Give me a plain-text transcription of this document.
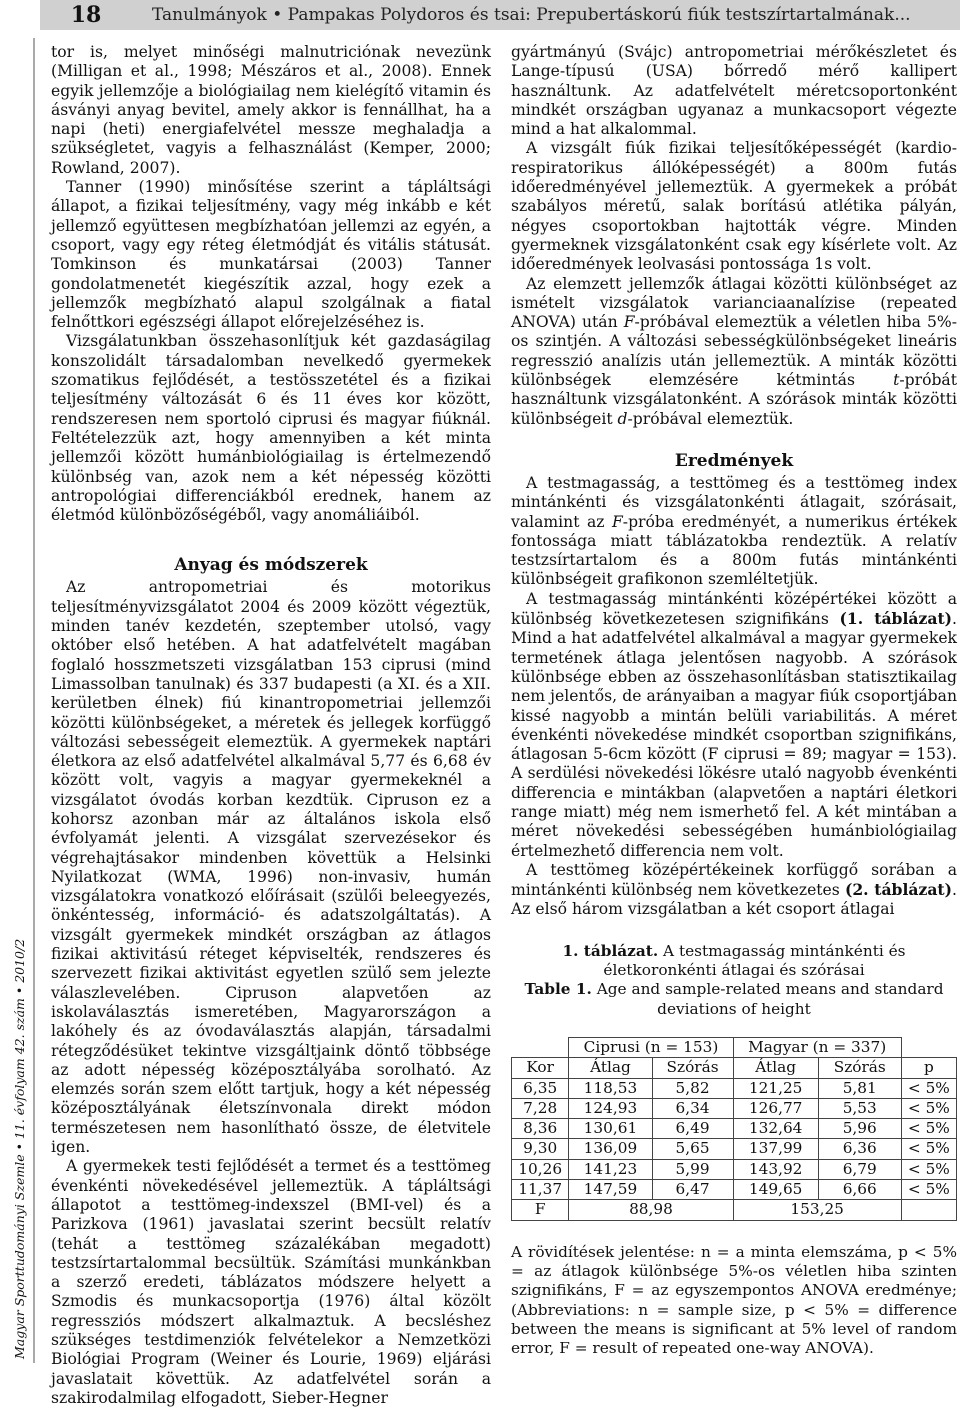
18	Tanulmányok • Pampakas Polydoros és tsai: Prepubertáskorú fiúk testszírtartalmának...
Magyar Sporttudományi Szemle • 11. évfolyam 42. szám • 2010/2

tor is, melyet minőségi malnutriciónak nevezünk (Milligan et al., 1998; Mészáros et al., 2008). Ennek egyik jellemzője a biológiailag nem kielégítő vitamin és ásványi anyag bevitel, amely akkor is fennállhat, ha a napi (heti) energiafelvétel messze meghaladja a szükségletet, vagyis a felhasználást (Kemper, 2000; Rowland, 2007).

Tanner (1990) minősítése szerint a tápláltsági állapot, a fizikai teljesítmény, vagy még inkább e két jellemző együttesen megbízhatóan jellemzi az egyén, a csoport, vagy egy réteg életmódját és vitális státusát. Tomkinson és munkatársai (2003) Tanner gondolatmenetét kiegészítik azzal, hogy ezek a jellemzők megbízható alapul szolgálnak a fiatal felnőttkori egészségi állapot előrejelzéséhez is.

Vizsgálatunkban összehasonlítjuk két gazdaságilag konszolidált társadalomban nevelkedő gyermekek szomatikus fejlődését, a testösszetétel és a fizikai teljesítmény változását 6 és 11 éves kor között, rendszeresen nem sportoló ciprusi és magyar fiúknál. Feltételezzük azt, hogy amennyiben a két minta jellemzői között humánbiológiailag is értelmezendő különbség van, azok nem a két népesség közötti antropológiai differenciákból erednek, hanem az életmód különbözőségéből, vagy anomáliáiból.

Anyag és módszerek

Az antropometriai és motorikus teljesítményvizsgálatot 2004 és 2009 között végeztük, minden tanév kezdetén, szeptember utolsó, vagy október első hetében. A hat adatfelvételt magában foglaló hosszmetszeti vizsgálatban 153 ciprusi (mind Limassolban tanulnak) és 337 budapesti (a XI. és a XII. kerületben élnek) fiú kinantropometriai jellemzői közötti különbségeket, a méretek és jellegek korfüggő változási sebességeit elemeztük. A gyermekek naptári életkora az első adatfelvétel alkalmával 5,77 és 6,68 év között volt, vagyis a magyar gyermekeknél a vizsgálatot óvodás korban kezdtük. Cipruson ez a kohorsz azonban már az általános iskola első évfolyamát jelenti. A vizsgálat szervezésekor és végrehajtásakor mindenben követtük a Helsinki Nyilatkozat (WMA, 1996) non-invasiv, humán vizsgálatokra vonatkozó előírásait (szülői beleegyezés, önkéntesség, információ- és adatszolgáltatás). A vizsgált gyermekek mindkét országban az átlagos fizikai aktivitású réteget képviselték, rendszeres és szervezett fizikai aktivitást egyetlen szülő sem jelezte válaszlevelében. Cipruson alapvetően az iskolaválasztás ismeretében, Magyarországon a lakóhely és az óvodaválasztás alapján, társadalmi rétegződésüket tekintve vizsgáltjaink döntő többsége az adott népesség középosztályába sorolható. Az elemzés során szem előtt tartjuk, hogy a két népesség középosztályának életszínvonala direkt módon természetesen nem hasonlítható össze, de életvitele igen.

A gyermekek testi fejlődését a termet és a testtömeg évenkénti növekedésével jellemeztük. A tápláltsági állapotot a testtömeg-indexszel (BMI-vel) és a Parizkova (1961) javaslatai szerint becsült relatív (tehát a testtömeg százalékában megadott) testzsírtartalommal becsültük. Számítási munkánkban a szerző eredeti, táblázatos módszere helyett a Szmodis és munkacsoportja (1976) által közölt regressziós módszert alkalmaztuk. A becsléshez szükséges testdimenziók felvételekor a Nemzetközi Biológiai Program (Weiner és Lourie, 1969) eljárási javaslatait követtük. Az adatfelvétel során a szakirodalmilag elfogadott, Sieber-Hegner

gyártmányú (Svájc) antropometriai mérőkészletet és Lange-típusú (USA) bőrredő mérő kallipert használtunk. Az adatfelvételt méretcsoportonként mindkét országban ugyanaz a munkacsoport végezte mind a hat alkalommal.

A vizsgált fiúk fizikai teljesítőképességét (kardio-respiratorikus állóképességét) a 800m futás időeredményével jellemeztük. A gyermekek a próbát szabályos méretű, salak borítású atlétika pályán, négyes csoportokban hajtották végre. Minden gyermeknek vizsgálatonként csak egy kísérlete volt. Az időeredmények leolvasási pontossága 1s volt.

Az elemzett jellemzők átlagai közötti különbséget az ismételt vizsgálatok varianciaanalízise (repeated ANOVA) után F-próbával elemeztük a véletlen hiba 5%-os szintjén. A változási sebességkülönbségeket lineáris regresszió analízis után jellemeztük. A minták közötti különbségek elemzésére kétmintás t-próbát használtunk vizsgálatonként. A szórások minták közötti különbségeit d-próbával elemeztük.

Eredmények

A testmagasság, a testtömeg és a testtömeg index mintánkénti és vizsgálatonkénti átlagait, szórásait, valamint az F-próba eredményét, a numerikus értékek fontossága miatt táblázatokba rendeztük. A relatív testzsírtartalom és a 800m futás mintánkénti különbségeit grafikonon szemléltetjük.

A testmagasság mintánkénti középértékei között a különbség következetesen szignifikáns (1. táblázat). Mind a hat adatfelvétel alkalmával a magyar gyermekek termetének átlaga jelentősen nagyobb. A szórások különbsége ebben az összehasonlításban statisztikailag nem jelentős, de arányaiban a magyar fiúk csoportjában kissé nagyobb a mintán belüli variabilitás. A méret évenkénti növekedése mindkét csoportban szignifikáns, átlagosan 5-6cm között (F ciprusi = 89; magyar = 153). A serdülési növekedési lökésre utaló nagyobb évenkénti differencia e mintákban (alapvetően a naptári életkori range miatt) még nem ismerhető fel. A két mintában a méret növekedési sebességében humánbiológiailag értelmezhető differencia nem volt.

A testtömeg középértékeinek korfüggő sorában a mintánkénti különbség nem következetes (2. táblázat). Az első három vizsgálatban a két csoport átlagai

1. táblázat. A testmagasság mintánkénti és életkoronkénti átlagai és szórásai
Table 1. Age and sample-related means and standard deviations of height
	Ciprusi (n = 153)		Magyar (n = 337)		
Kor	Átlag	Szórás	Átlag	Szórás	p
6,35	118,53	5,82	121,25	5,81	< 5%
7,28	124,93	6,34	126,77	5,53	< 5%
8,36	130,61	6,49	132,64	5,96	< 5%
9,30	136,09	5,65	137,99	6,36	< 5%
10,26	141,23	5,99	143,92	6,79	< 5%
11,37	147,59	6,47	149,65	6,66	< 5%
F	88,98		153,25		
A rövidítések jelentése: n = a minta elemszáma, p < 5% = az átlagok különbsége 5%-os véletlen hiba szinten szignifikáns, F = az egyszempontos ANOVA eredménye; (Abbreviations: n = sample size, p < 5% = difference between the means is significant at 5% level of random error, F = result of repeated one-way ANOVA).
